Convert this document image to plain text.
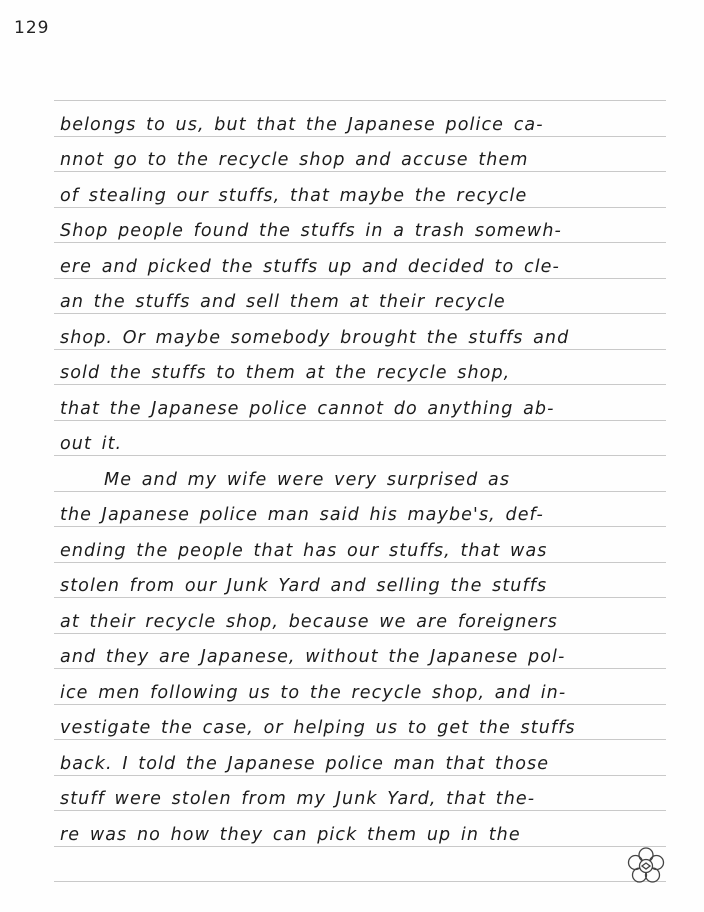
129
belongs to us, but that the Japanese police ca-
nnot go to the recycle shop and accuse them
of stealing our stuffs, that maybe the recycle
Shop people found the stuffs in a trash somewh-
ere and picked the stuffs up and decided to cle-
an the stuffs and sell them at their recycle
shop. Or maybe somebody brought the stuffs and
sold the stuffs to them at the recycle shop,
that the Japanese police cannot do anything ab-
out it.
Me and my wife were very surprised as
the Japanese police man said his maybe's, def-
ending the people that has our stuffs, that was
stolen from our Junk Yard and selling the stuffs
at their recycle shop, because we are foreigners
and they are Japanese, without the Japanese pol-
ice men following us to the recycle shop, and in-
vestigate the case, or helping us to get the stuffs
back. I told the Japanese police man that those
stuff were stolen from my Junk Yard, that the-
re was no how they can pick them up in the
